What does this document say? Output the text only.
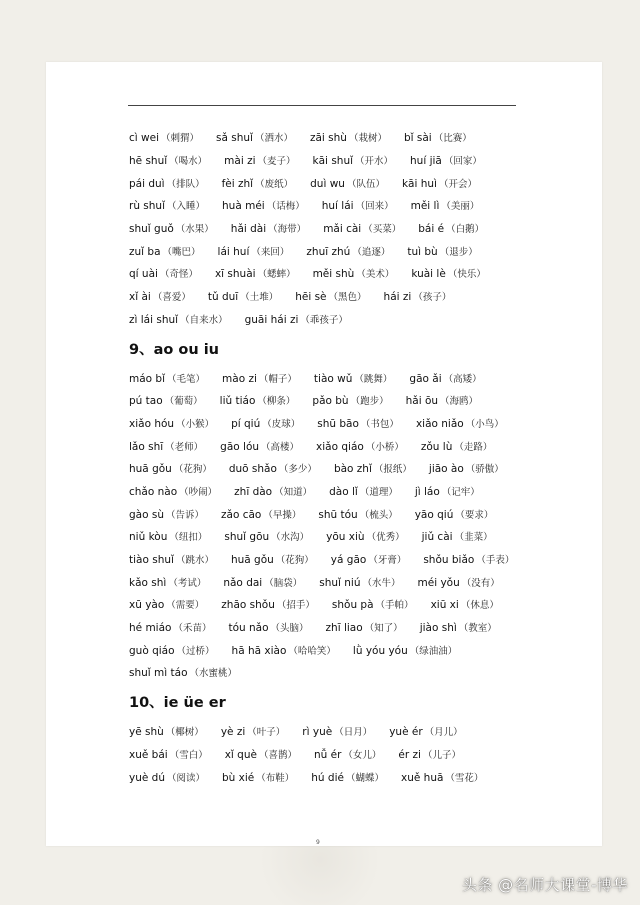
cì wei （刺猬） sǎ shuǐ （洒水） zāi shù （栽树） bǐ sài （比赛）
hē shuǐ （喝水） mài zi （麦子） kāi shuǐ （开水） huí jiā （回家）
pái duì （排队） fèi zhǐ （废纸） duì wu （队伍） kāi huì （开会）
rù shuǐ （入睡） huà méi （话梅） huí lái （回来） měi lì （美丽）
shuǐ guǒ （水果） hǎi dài （海带） mǎi cài （买菜） bái é （白鹅）
zuǐ ba （嘴巴） lái huí （来回） zhuī zhú （追逐） tuì bù （退步）
qí uài （奇怪） xī shuài （蟋蟀） měi shù （美术） kuài lè （快乐）
xǐ ài （喜爱） tǔ duī （土堆） hēi sè （黑色） hái zi （孩子）
zì lái shuǐ （自来水） guāi hái zi （乖孩子）
9、ao ou iu
máo bǐ （毛笔） mào zi （帽子） tiào wǔ （跳舞） gāo ǎi （高矮）
pú tao （葡萄） liǔ tiáo （柳条） pǎo bù （跑步） hǎi ōu （海鸥）
xiǎo hóu （小猴） pí qiú （皮球） shū bāo （书包） xiǎo niǎo （小鸟）
lǎo shī （老师） gāo lóu （高楼） xiǎo qiáo （小桥） zǒu lù （走路）
huā gǒu （花狗） duō shǎo （多少） bào zhǐ （报纸） jiāo ào （骄傲）
chǎo nào （吵闹） zhī dào （知道） dào lǐ （道理） jì láo （记牢）
gào sù （告诉） zǎo cāo （早操） shū tóu （梳头） yāo qiú （要求）
niǔ kòu （纽扣） shuǐ gōu （水沟） yōu xiù （优秀） jiǔ cài （韭菜）
tiào shuǐ （跳水） huā gǒu （花狗） yá gāo （牙膏） shǒu biǎo （手表）
kǎo shì （考试） nǎo dai （脑袋） shuǐ niú （水牛） méi yǒu （没有）
xū yào （需要） zhāo shǒu （招手） shǒu pà （手帕） xiū xi （休息）
hé miáo （禾苗） tóu nǎo （头脑） zhī liao （知了） jiào shì （教室）
guò qiáo （过桥） hā hā xiào （哈哈笑） lǜ yóu yóu （绿油油）
shuǐ mì táo （水蜜桃）
10、ie üe er
yē shù （椰树） yè zi （叶子） rì yuè （日月） yuè ér （月儿）
xuě bái （雪白） xǐ què （喜鹊） nǚ ér （女儿） ér zi （儿子）
yuè dú （阅读） bù xié （布鞋） hú dié （蝴蝶） xuě huā （雪花）
9
头条 @名师大课堂-博华
